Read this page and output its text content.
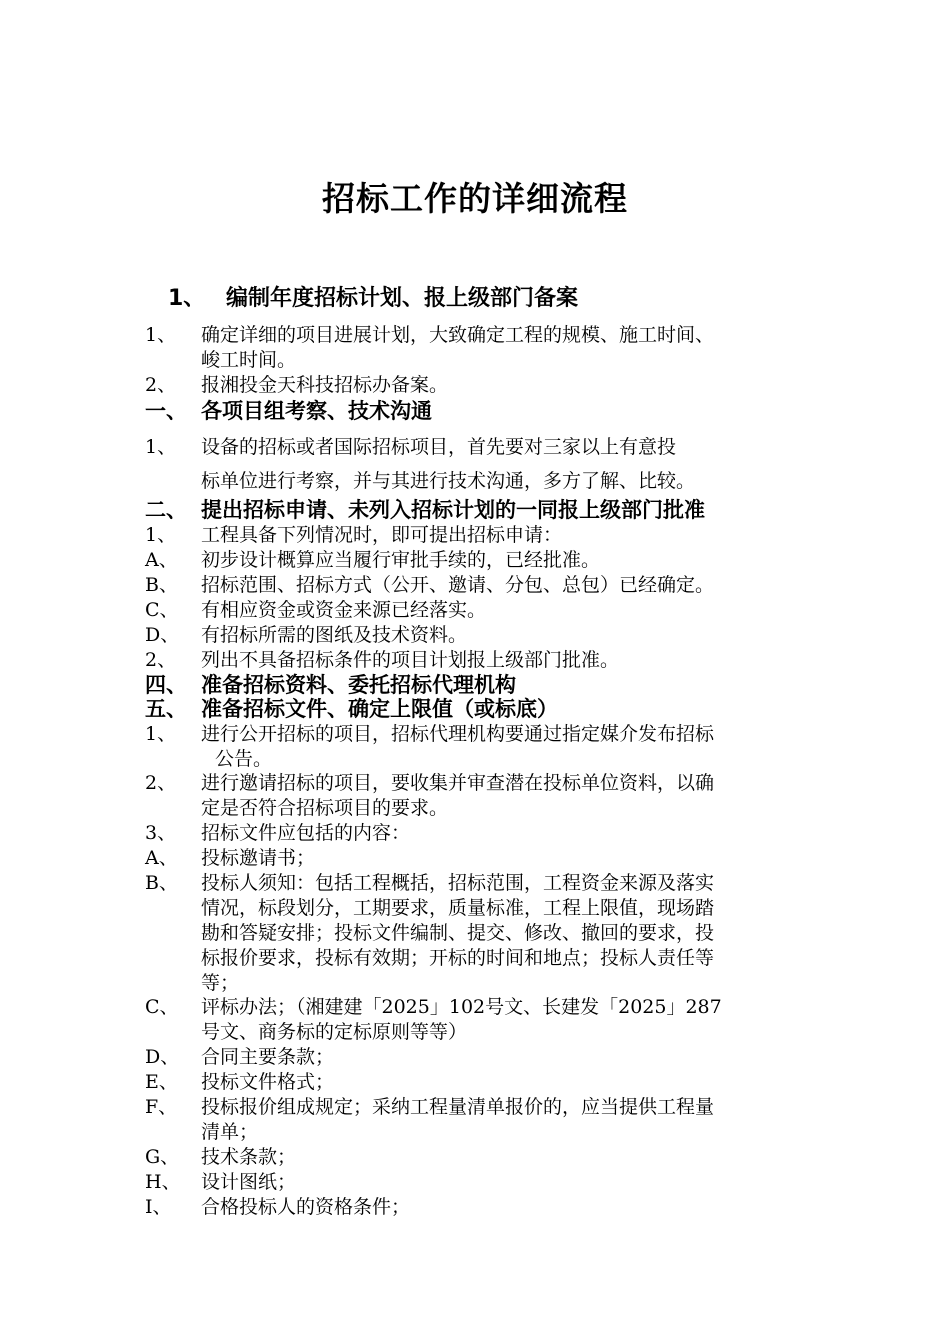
招标工作的详细流程
1、 编制年度招标计划、报上级部门备案
1、 确定详细的项目进展计划，大致确定工程的规模、施工时间、
峻工时间。
2、 报湘投金天科技招标办备案。
一、 各项目组考察、技术沟通
1、 设备的招标或者国际招标项目，首先要对三家以上有意投
标单位进行考察，并与其进行技术沟通，多方了解、比较。
二、 提出招标申请、未列入招标计划的一同报上级部门批准
1、 工程具备下列情况时，即可提出招标申请：
A、 初步设计概算应当履行审批手续的，已经批准。
B、 招标范围、招标方式（公开、邀请、分包、总包）已经确定。
C、 有相应资金或资金来源已经落实。
D、 有招标所需的图纸及技术资料。
2、 列出不具备招标条件的项目计划报上级部门批准。
四、 准备招标资料、委托招标代理机构
五、 准备招标文件、确定上限值（或标底）
1、 进行公开招标的项目，招标代理机构要通过指定媒介发布招标
公告。
2、 进行邀请招标的项目，要收集并审查潜在投标单位资料，以确
定是否符合招标项目的要求。
3、 招标文件应包括的内容：
A、 投标邀请书；
B、 投标人须知：包括工程概括，招标范围，工程资金来源及落实
情况，标段划分，工期要求，质量标准，工程上限值，现场踏
勘和答疑安排；投标文件编制、提交、修改、撤回的要求，投
标报价要求，投标有效期；开标的时间和地点；投标人责任等
等；
C、 评标办法；（湘建建「2025」102号文、长建发「2025」287
号文、商务标的定标原则等等）
D、 合同主要条款；
E、 投标文件格式；
F、 投标报价组成规定；采纳工程量清单报价的，应当提供工程量
清单；
G、 技术条款；
H、 设计图纸；
I、 合格投标人的资格条件；
